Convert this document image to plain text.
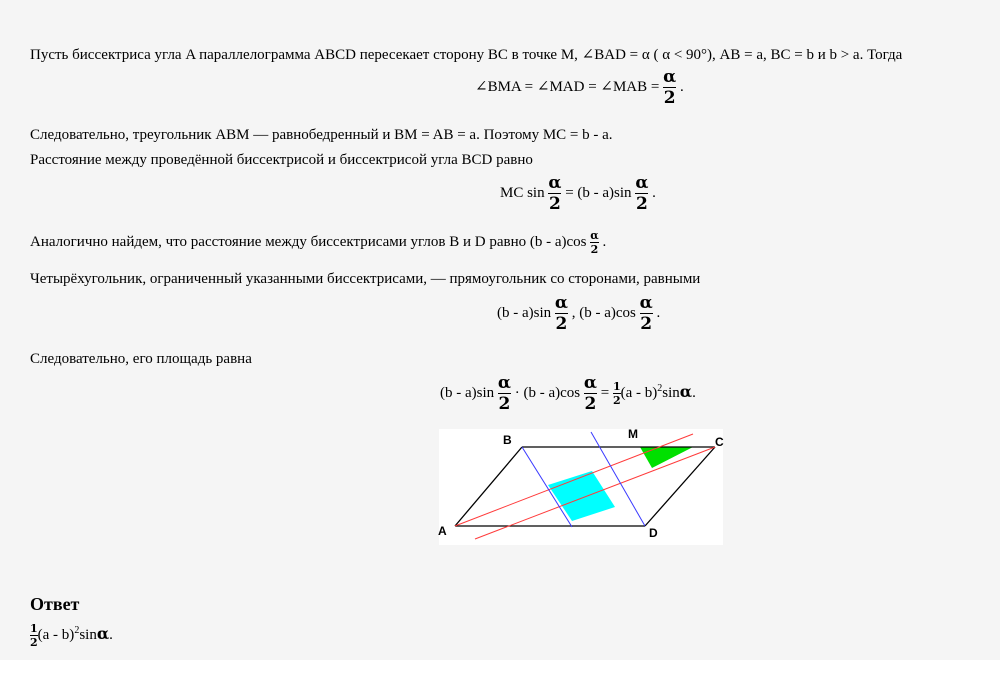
Пусть биссектриса угла A параллелограмма ABCD пересекает сторону BC в точке M, ∠BAD = α ( α < 90°), AB = a, BC = b и b > a. Тогда
∠BMA = ∠MAD = ∠MAB = $\frac{\alpha}{2}$ .
Следовательно, треугольник ABM — равнобедренный и BM = AB = a. Поэтому MC = b - a.
Расстояние между проведённой биссектрисой и биссектрисой угла BCD равно
MC $\sin \frac{\alpha}{2} = (b - a)\sin \frac{\alpha}{2}$ .
Аналогично найдем, что расстояние между биссектрисами углов B и D равно $(b - a)\cos \frac{\alpha}{2}$ .
Четырёхугольник, ограниченный указанными биссектрисами, — прямоугольник со сторонами, равными
$(b - a)\sin \frac{\alpha}{2}$ , $(b - a)\cos \frac{\alpha}{2}$ .
Следовательно, его площадь равна
$(b - a)\sin \frac{\alpha}{2} \cdot (b - a)\cos \frac{\alpha}{2} = \frac{1}{2} (a - b)^2\sin\alpha$.
B	M
C
A	D
Ответ
$\frac{1}{2} (a - b)^2\sin\alpha$.
